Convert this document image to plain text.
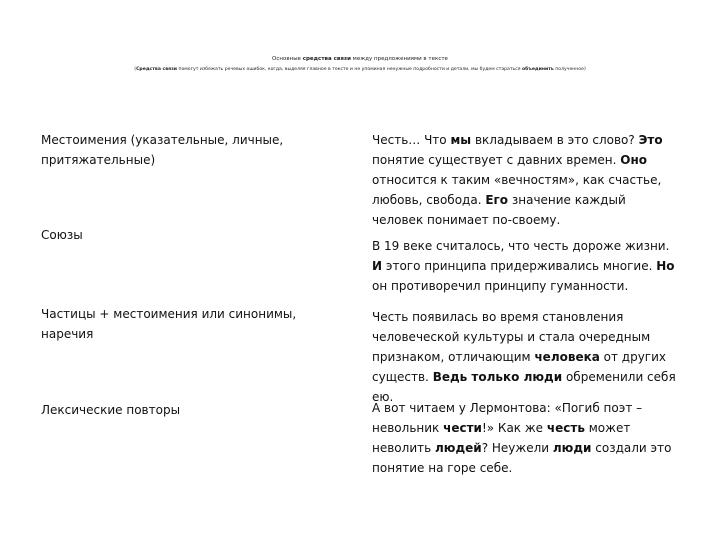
Основные средства связи между предложениями в тексте
(Средства связи помогут избежать речевых ошибок, когда, выделяя главное в тексте и не упоминая ненужные подробности и детали, мы будем стараться объединить полученное)
Местоимения (указательные, личные, притяжательные)
Союзы
Частицы + местоимения или синонимы, наречия
Лексические повторы
Честь… Что мы вкладываем в это слово? Это понятие существует с давних времен. Оно относится к таким «вечностям», как счастье, любовь, свобода. Его значение каждый человек понимает по-своему.
В 19 веке считалось, что честь дороже жизни. И этого принципа придерживались многие. Но он противоречил принципу гуманности.
Честь появилась во время становления человеческой культуры и стала очередным признаком, отличающим человека от других существ. Ведь только люди обременили себя ею.
А вот читаем у Лермонтова: «Погиб поэт – невольник чести!» Как же честь может неволить людей? Неужели люди создали это понятие на горе себе.
